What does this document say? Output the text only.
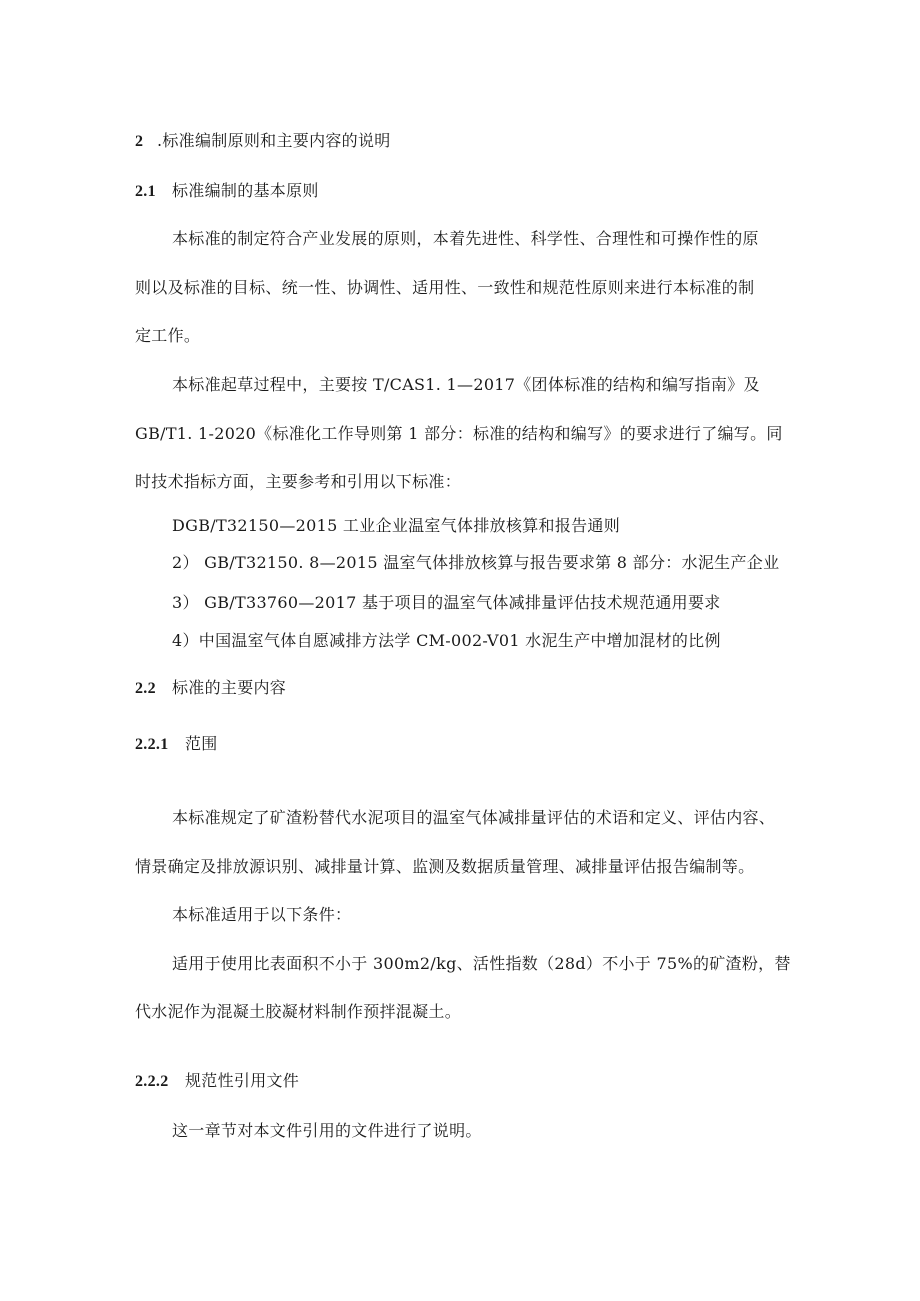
2 .标准编制原则和主要内容的说明
2.1 标准编制的基本原则
本标准的制定符合产业发展的原则，本着先进性、科学性、合理性和可操作性的原
则以及标准的目标、统一性、协调性、适用性、一致性和规范性原则来进行本标准的制
定工作。
本标准起草过程中，主要按 T/CAS1. 1—2017《团体标准的结构和编写指南》及
GB/T1. 1-2020《标准化工作导则第 1 部分：标准的结构和编写》的要求进行了编写。同
时技术指标方面，主要参考和引用以下标准：
DGB/T32150—2015 工业企业温室气体排放核算和报告通则
2） GB/T32150. 8—2015 温室气体排放核算与报告要求第 8 部分：水泥生产企业
3） GB/T33760—2017 基于项目的温室气体减排量评估技术规范通用要求
4）中国温室气体自愿减排方法学 CM-002-V01 水泥生产中增加混材的比例
2.2 标准的主要内容
2.2.1 范围
本标准规定了矿渣粉替代水泥项目的温室气体减排量评估的术语和定义、评估内容、
情景确定及排放源识别、减排量计算、监测及数据质量管理、减排量评估报告编制等。
本标准适用于以下条件：
适用于使用比表面积不小于 300m2/kg、活性指数（28d）不小于 75%的矿渣粉，替
代水泥作为混凝土胶凝材料制作预拌混凝土。
2.2.2 规范性引用文件
这一章节对本文件引用的文件进行了说明。
